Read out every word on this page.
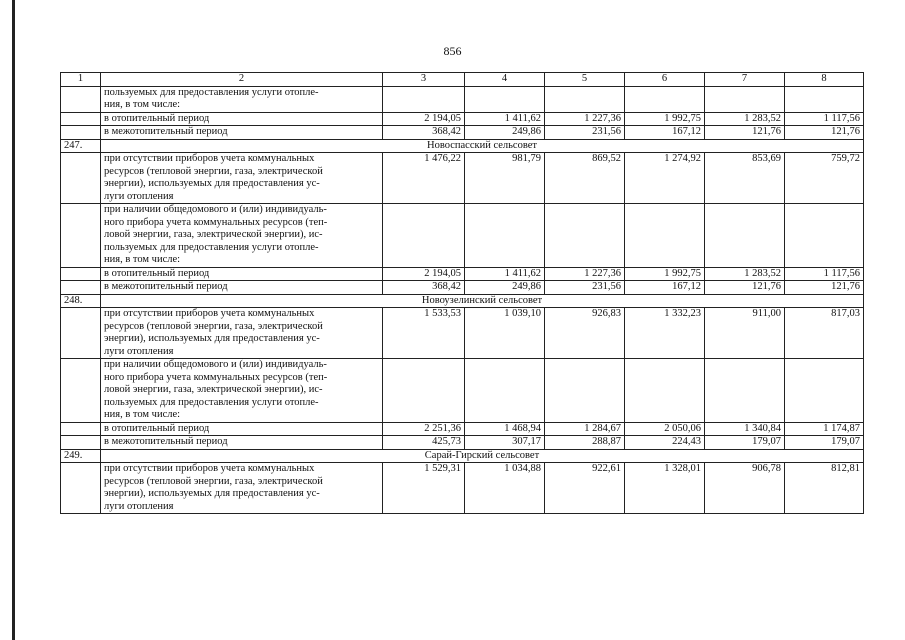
856
1	2	3	4	5	6	7	8

	пользуемых для предоставления услуги отопле-
ния, в том числе:						

	в отопительный период	2 194,05	1 411,62	1 227,36	1 992,75	1 283,52	1 117,56

	в межотопительный период	368,42	249,86	231,56	167,12	121,76	121,76
247.	Новоспасский сельсовет						

	при отсутствии приборов учета коммунальных
ресурсов (тепловой энергии, газа, электрической
энергии), используемых для предоставления ус-
луги отопления	1 476,22	981,79	869,52	1 274,92	853,69	759,72

	при наличии общедомового и (или) индивидуаль-
ного прибора учета коммунальных ресурсов (теп-
ловой энергии, газа, электрической энергии), ис-
пользуемых для предоставления услуги отопле-
ния, в том числе:						

	в отопительный период	2 194,05	1 411,62	1 227,36	1 992,75	1 283,52	1 117,56

	в межотопительный период	368,42	249,86	231,56	167,12	121,76	121,76
248.	Новоузелинский сельсовет						

	при отсутствии приборов учета коммунальных
ресурсов (тепловой энергии, газа, электрической
энергии), используемых для предоставления ус-
луги отопления	1 533,53	1 039,10	926,83	1 332,23	911,00	817,03

	при наличии общедомового и (или) индивидуаль-
ного прибора учета коммунальных ресурсов (теп-
ловой энергии, газа, электрической энергии), ис-
пользуемых для предоставления услуги отопле-
ния, в том числе:						

	в отопительный период	2 251,36	1 468,94	1 284,67	2 050,06	1 340,84	1 174,87

	в межотопительный период	425,73	307,17	288,87	224,43	179,07	179,07
249.	Сарай-Гирский сельсовет						

	при отсутствии приборов учета коммунальных
ресурсов (тепловой энергии, газа, электрической
энергии), используемых для предоставления ус-
луги отопления	1 529,31	1 034,88	922,61	1 328,01	906,78	812,81
